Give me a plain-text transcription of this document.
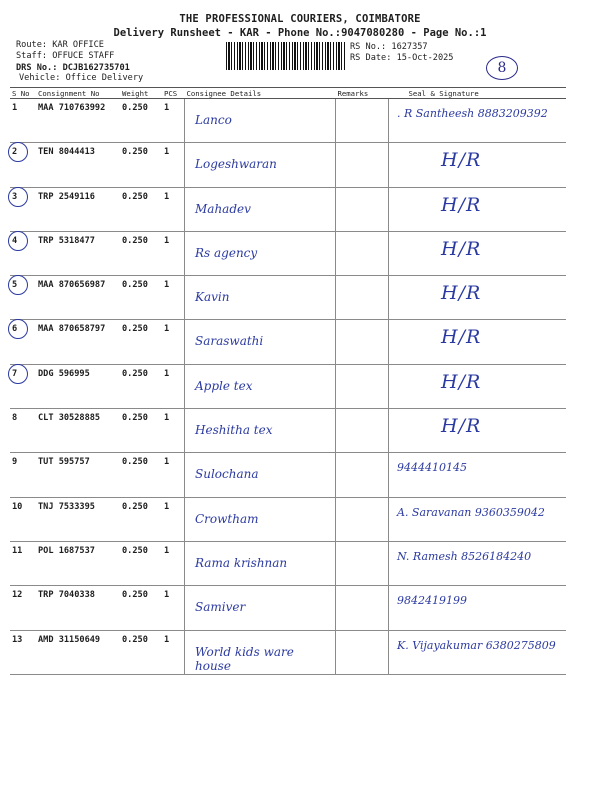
THE PROFESSIONAL COURIERS, COIMBATORE
Delivery Runsheet - KAR - Phone No.:9047080280 - Page No.:1
Route: KAR OFFICE
Staff: OFFUCE STAFF
DRS No.: DCJB162735701
Vehicle: Office Delivery
RS No.: 1627357
RS Date: 15-Oct-2025
8
S No	Consignment No	Weight	PCS	Consignee Details	Remarks	Seal & Signature
1	MAA 710763992	0.250	1	Lanco		. R Santheesh 8883209392

2	TEN 8044413	0.250	1	Logeshwaran		H/R

3	TRP 2549116	0.250	1	Mahadev		H/R

4	TRP 5318477	0.250	1	Rs agency		H/R

5	MAA 870656987	0.250	1	Kavin		H/R

6	MAA 870658797	0.250	1	Saraswathi		H/R

7	DDG 596995	0.250	1	Apple tex		H/R

8	CLT 30528885	0.250	1	Heshitha tex		H/R

9	TUT 595757	0.250	1	Sulochana		9444410145

10	TNJ 7533395	0.250	1	Crowtham		A. Saravanan 9360359042

11	POL 1687537	0.250	1	Rama krishnan		N. Ramesh 8526184240

12	TRP 7040338	0.250	1	Samiver		9842419199

13	AMD 31150649	0.250	1	World kids ware house		K. Vijayakumar 6380275809
